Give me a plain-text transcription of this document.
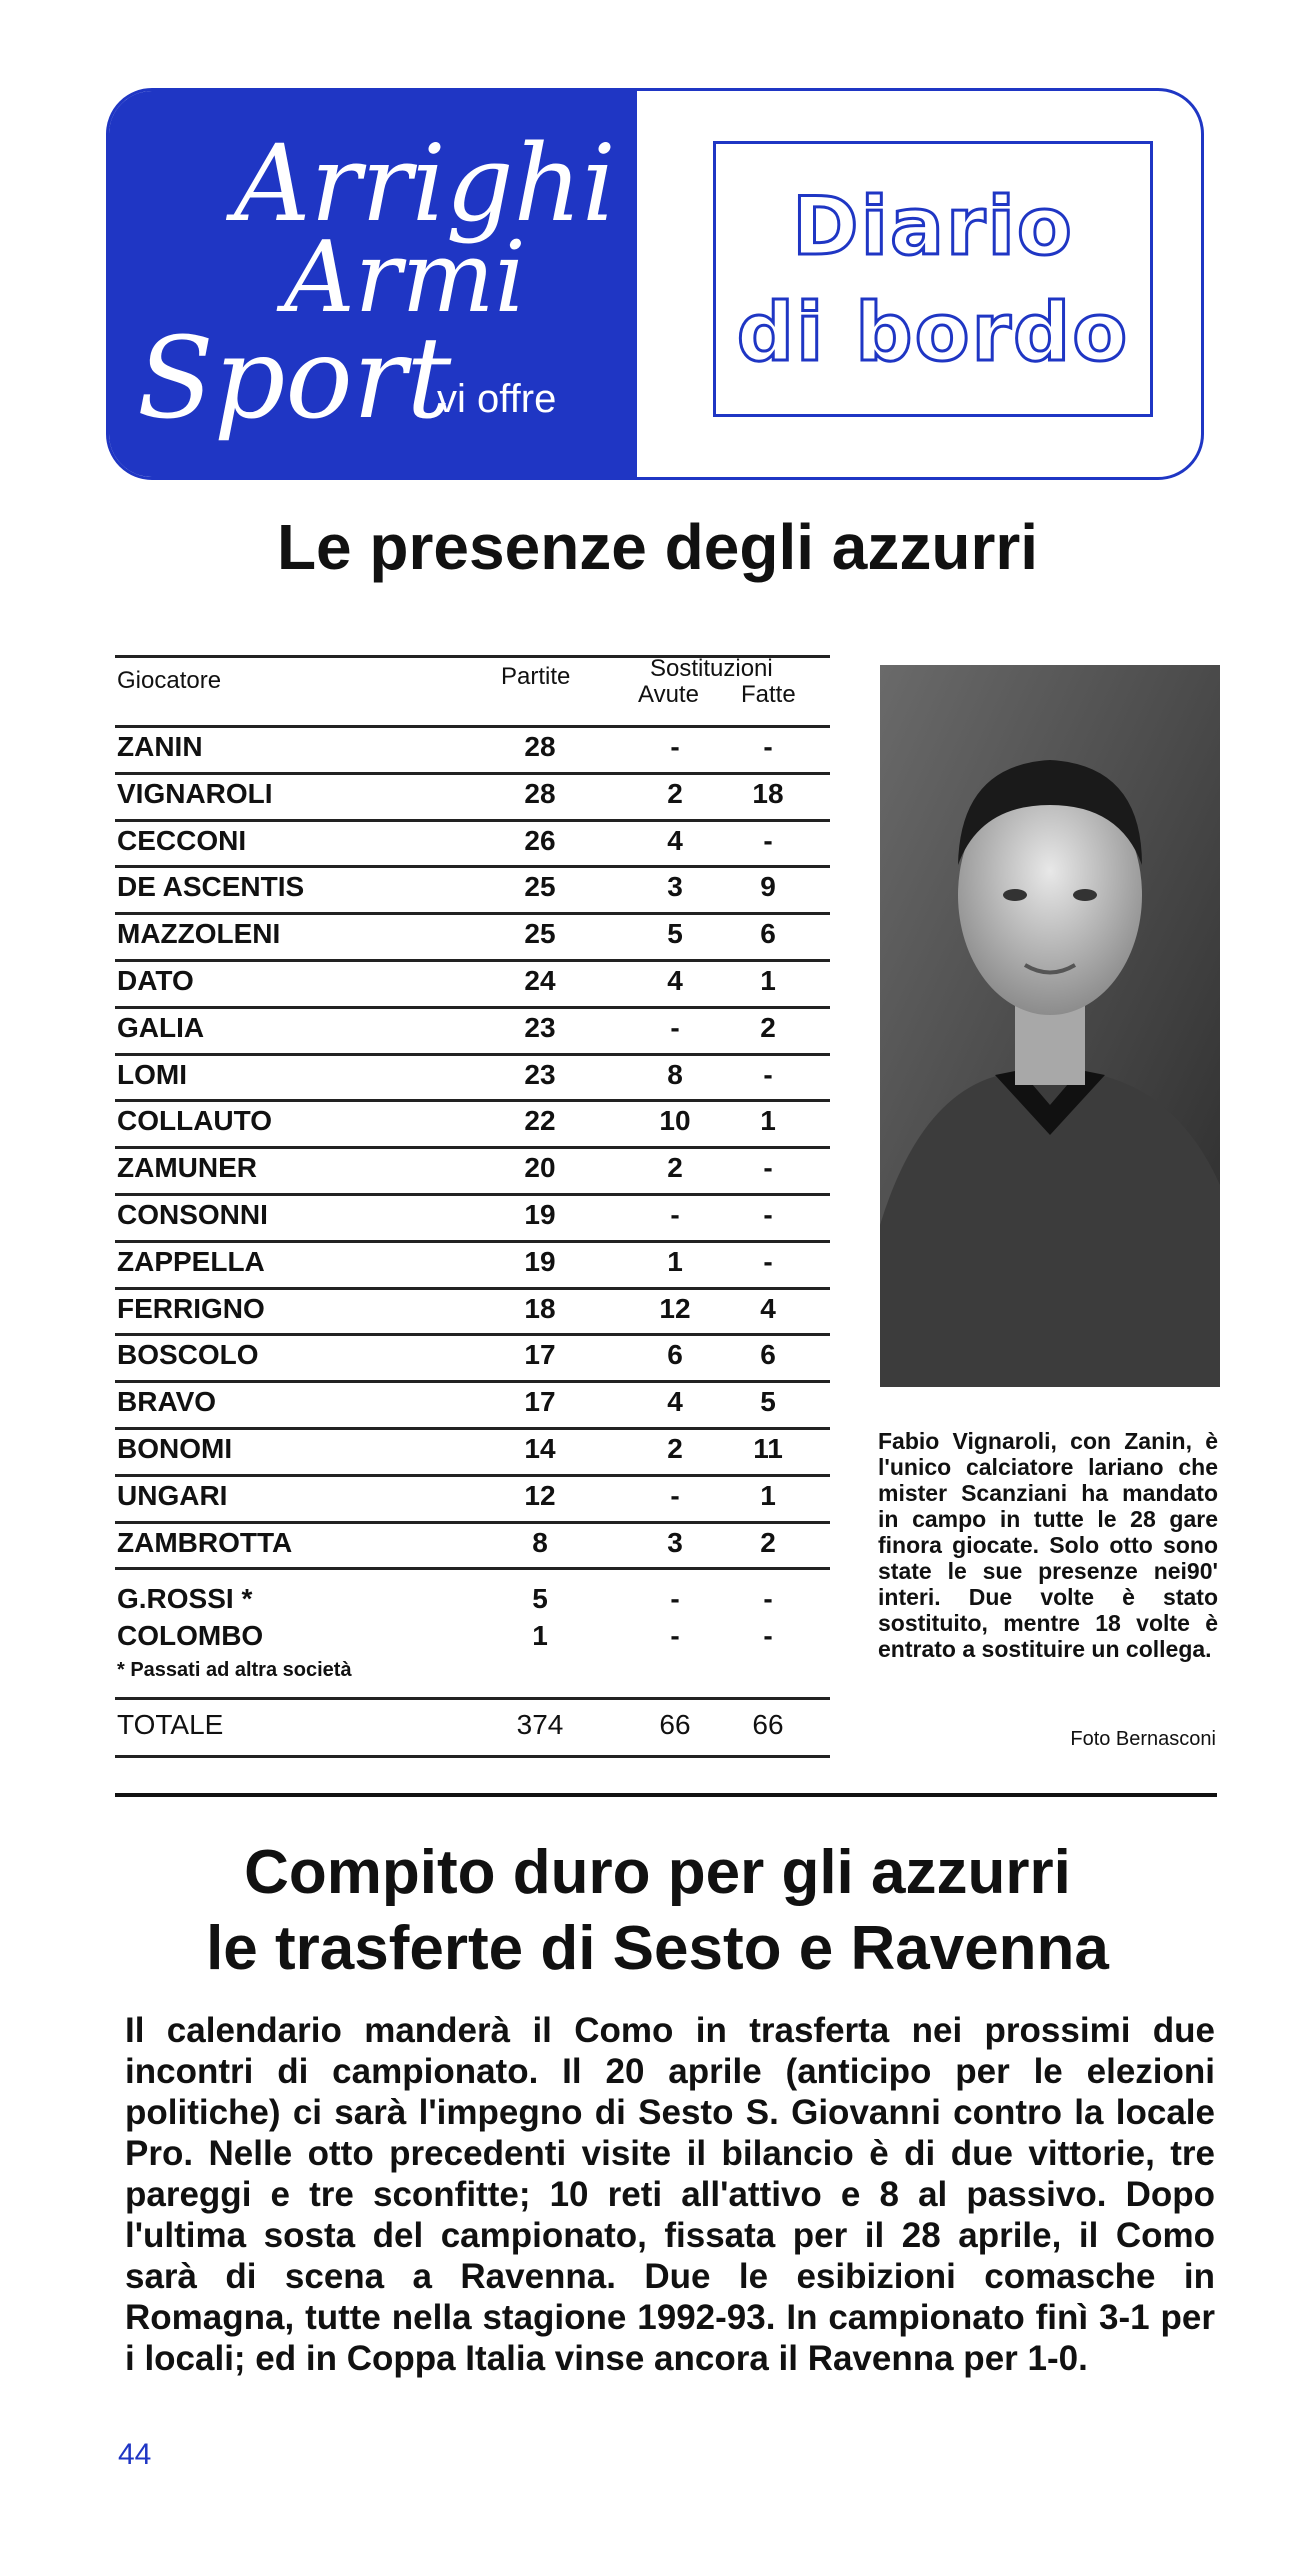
Arrighi
Armi
Sport
vi offre
Diario
di bordo
Le presenze degli azzurri
Giocatore	Partite	Sostituzioni
Avute Fatte
ZANIN	28	-	-
VIGNAROLI	28	2	18
CECCONI	26	4	-
DE ASCENTIS	25	3	9
MAZZOLENI	25	5	6
DATO	24	4	1
GALIA	23	-	2
LOMI	23	8	-
COLLAUTO	22	10	1
ZAMUNER	20	2	-
CONSONNI	19	-	-
ZAPPELLA	19	1	-
FERRIGNO	18	12	4
BOSCOLO	17	6	6
BRAVO	17	4	5
BONOMI	14	2	11
UNGARI	12	-	1
ZAMBROTTA	8	3	2
G.ROSSI *	5	-	-
COLOMBO	1	-	-
* Passati ad altra società
TOTALE	374	66	66
Fabio Vignaroli, con Zanin, è l'unico calciatore lariano che mister Scanziani ha mandato in campo in tutte le 28 gare finora giocate. Solo otto sono state le sue presenze nei90' interi. Due volte è stato sostituito, mentre 18 volte è entrato a sostituire un collega.
Foto Bernasconi
Compito duro per gli azzurri
le trasferte di Sesto e Ravenna
Il calendario manderà il Como in trasferta nei prossimi due incontri di campionato. Il 20 aprile (anticipo per le elezioni politiche) ci sarà l'impegno di Sesto S. Giovanni contro la locale Pro. Nelle otto precedenti visite il bilancio è di due vittorie, tre pareggi e tre sconfitte; 10 reti all'attivo e 8 al passivo. Dopo l'ultima sosta del campionato, fissata per il 28 aprile, il Como sarà di scena a Ravenna. Due le esibizioni comasche in Romagna, tutte nella stagione 1992-93. In campionato finì 3-1 per i locali; ed in Coppa Italia vinse ancora il Ravenna per 1-0.
44
